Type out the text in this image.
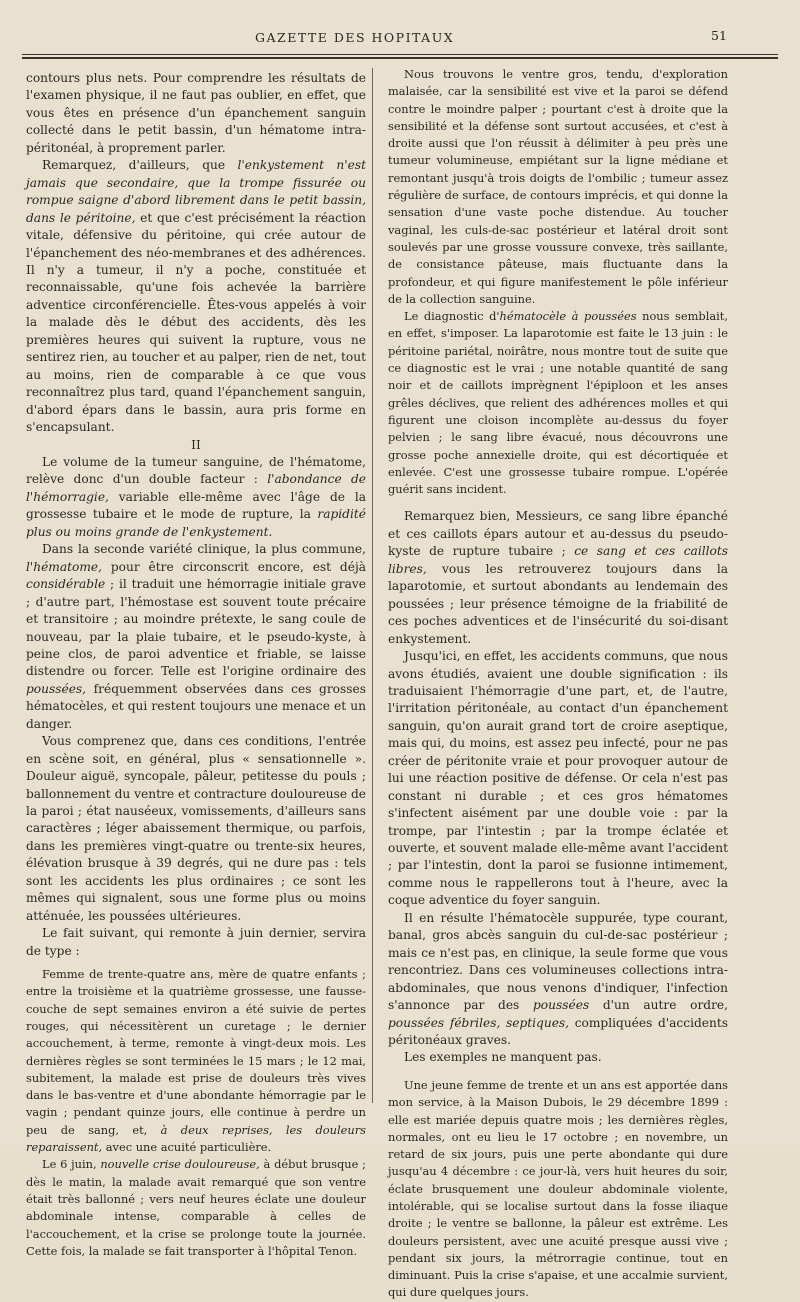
GAZETTE DES HOPITAUX	51

contours plus nets. Pour comprendre les résultats de l'examen physique, il ne faut pas oublier, en effet, que vous êtes en présence d'un épanchement sanguin collecté dans le petit bassin, d'un hématome intra-péritonéal, à proprement parler.

Remarquez, d'ailleurs, que l'enkystement n'est jamais que secondaire, que la trompe fissurée ou rompue saigne d'abord librement dans le petit bassin, dans le péritoine, et que c'est précisément la réaction vitale, défensive du péritoine, qui crée autour de l'épanchement des néo-membranes et des adhérences. Il n'y a tumeur, il n'y a poche, constituée et reconnaissable, qu'une fois achevée la barrière adventice circonférencielle. Êtes-vous appelés à voir la malade dès le début des accidents, dès les premières heures qui suivent la rupture, vous ne sentirez rien, au toucher et au palper, rien de net, tout au moins, rien de comparable à ce que vous reconnaîtrez plus tard, quand l'épanchement sanguin, d'abord épars dans le bassin, aura pris forme en s'encapsulant.

II

Le volume de la tumeur sanguine, de l'hématome, relève donc d'un double facteur : l'abondance de l'hémorragie, variable elle-même avec l'âge de la grossesse tubaire et le mode de rupture, la rapidité plus ou moins grande de l'enkystement.

Dans la seconde variété clinique, la plus commune, l'hématome, pour être circonscrit encore, est déjà considérable ; il traduit une hémorragie initiale grave ; d'autre part, l'hémostase est souvent toute précaire et transitoire ; au moindre prétexte, le sang coule de nouveau, par la plaie tubaire, et le pseudo-kyste, à peine clos, de paroi adventice et friable, se laisse distendre ou forcer. Telle est l'origine ordinaire des poussées, fréquemment observées dans ces grosses hématocèles, et qui restent toujours une menace et un danger.

Vous comprenez que, dans ces conditions, l'entrée en scène soit, en général, plus « sensationnelle ». Douleur aiguë, syncopale, pâleur, petitesse du pouls ; ballonnement du ventre et contracture douloureuse de la paroi ; état nauséeux, vomissements, d'ailleurs sans caractères ; léger abaissement thermique, ou parfois, dans les premières vingt-quatre ou trente-six heures, élévation brusque à 39 degrés, qui ne dure pas : tels sont les accidents les plus ordinaires ; ce sont les mêmes qui signalent, sous une forme plus ou moins atténuée, les poussées ultérieures.

Le fait suivant, qui remonte à juin dernier, servira de type :

Femme de trente-quatre ans, mère de quatre enfants ; entre la troisième et la quatrième grossesse, une fausse-couche de sept semaines environ a été suivie de pertes rouges, qui nécessitèrent un curetage ; le dernier accouchement, à terme, remonte à vingt-deux mois. Les dernières règles se sont terminées le 15 mars ; le 12 mai, subitement, la malade est prise de douleurs très vives dans le bas-ventre et d'une abondante hémorragie par le vagin ; pendant quinze jours, elle continue à perdre un peu de sang, et, à deux reprises, les douleurs reparaissent, avec une acuité particulière.

Le 6 juin, nouvelle crise douloureuse, à début brusque ; dès le matin, la malade avait remarqué que son ventre était très ballonné ; vers neuf heures éclate une douleur abdominale intense, comparable à celles de l'accouchement, et la crise se prolonge toute la journée. Cette fois, la malade se fait transporter à l'hôpital Tenon.

Nous trouvons le ventre gros, tendu, d'exploration malaisée, car la sensibilité est vive et la paroi se défend contre le moindre palper ; pourtant c'est à droite que la sensibilité et la défense sont surtout accusées, et c'est à droite aussi que l'on réussit à délimiter à peu près une tumeur volumineuse, empiétant sur la ligne médiane et remontant jusqu'à trois doigts de l'ombilic ; tumeur assez régulière de surface, de contours imprécis, et qui donne la sensation d'une vaste poche distendue. Au toucher vaginal, les culs-de-sac postérieur et latéral droit sont soulevés par une grosse voussure convexe, très saillante, de consistance pâteuse, mais fluctuante dans la profondeur, et qui figure manifestement le pôle inférieur de la collection sanguine.

Le diagnostic d'hématocèle à poussées nous semblait, en effet, s'imposer. La laparotomie est faite le 13 juin : le péritoine pariétal, noirâtre, nous montre tout de suite que ce diagnostic est le vrai ; une notable quantité de sang noir et de caillots imprègnent l'épiploon et les anses grêles déclives, que relient des adhérences molles et qui figurent une cloison incomplète au-dessus du foyer pelvien ; le sang libre évacué, nous découvrons une grosse poche annexielle droite, qui est décortiquée et enlevée. C'est une grossesse tubaire rompue. L'opérée guérit sans incident.

Remarquez bien, Messieurs, ce sang libre épanché et ces caillots épars autour et au-dessus du pseudo-kyste de rupture tubaire ; ce sang et ces caillots libres, vous les retrouverez toujours dans la laparotomie, et surtout abondants au lendemain des poussées ; leur présence témoigne de la friabilité de ces poches adventices et de l'insécurité du soi-disant enkystement.

Jusqu'ici, en effet, les accidents communs, que nous avons étudiés, avaient une double signification : ils traduisaient l'hémorragie d'une part, et, de l'autre, l'irritation péritonéale, au contact d'un épanchement sanguin, qu'on aurait grand tort de croire aseptique, mais qui, du moins, est assez peu infecté, pour ne pas créer de péritonite vraie et pour provoquer autour de lui une réaction positive de défense. Or cela n'est pas constant ni durable ; et ces gros hématomes s'infectent aisément par une double voie : par la trompe, par l'intestin ; par la trompe éclatée et ouverte, et souvent malade elle-même avant l'accident ; par l'intestin, dont la paroi se fusionne intimement, comme nous le rappellerons tout à l'heure, avec la coque adventice du foyer sanguin.

Il en résulte l'hématocèle suppurée, type courant, banal, gros abcès sanguin du cul-de-sac postérieur ; mais ce n'est pas, en clinique, la seule forme que vous rencontriez. Dans ces volumineuses collections intra-abdominales, que nous venons d'indiquer, l'infection s'annonce par des poussées d'un autre ordre, poussées fébriles, septiques, compliquées d'accidents péritonéaux graves.

Les exemples ne manquent pas.

Une jeune femme de trente et un ans est apportée dans mon service, à la Maison Dubois, le 29 décembre 1899 : elle est mariée depuis quatre mois ; les dernières règles, normales, ont eu lieu le 17 octobre ; en novembre, un retard de six jours, puis une perte abondante qui dure jusqu'au 4 décembre : ce jour-là, vers huit heures du soir, éclate brusquement une douleur abdominale violente, intolérable, qui se localise surtout dans la fosse iliaque droite ; le ventre se ballonne, la pâleur est extrême. Les douleurs persistent, avec une acuité presque aussi vive ; pendant six jours, la métrorragie continue, tout en diminuant. Puis la crise s'apaise, et une accalmie survient, qui dure quelques jours.
